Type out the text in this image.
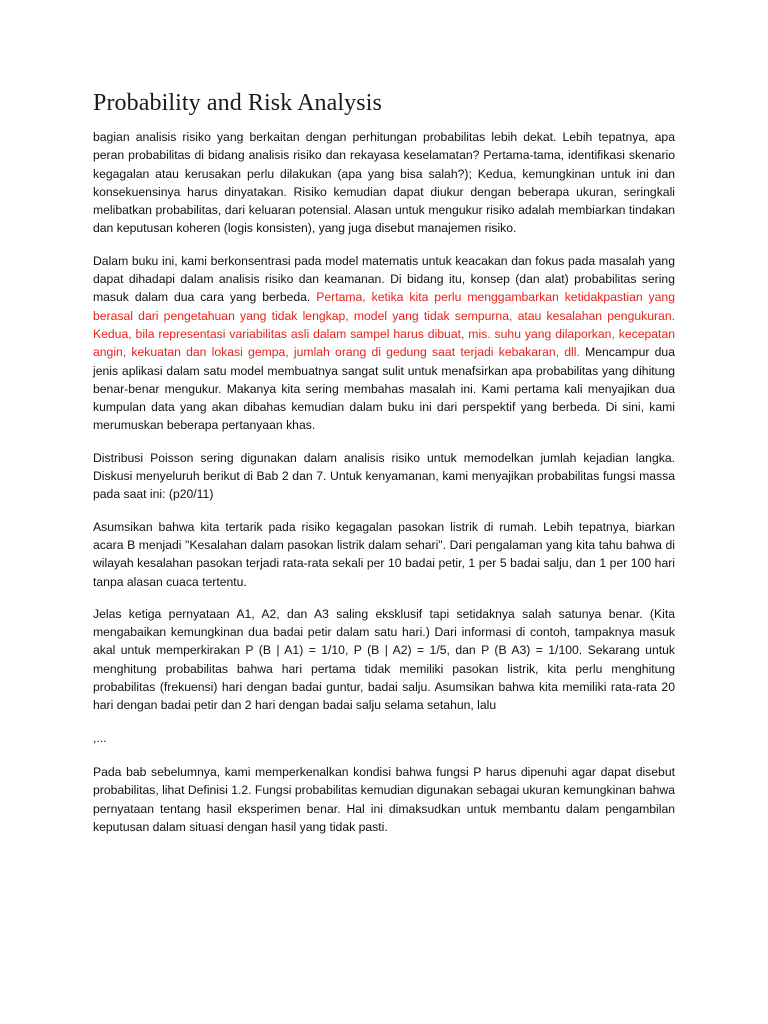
Probability and Risk Analysis

bagian analisis risiko yang berkaitan dengan perhitungan probabilitas lebih dekat. Lebih tepatnya, apa peran probabilitas di bidang analisis risiko dan rekayasa keselamatan? Pertama-tama, identifikasi skenario kegagalan atau kerusakan perlu dilakukan (apa yang bisa salah?); Kedua, kemungkinan untuk ini dan konsekuensinya harus dinyatakan. Risiko kemudian dapat diukur dengan beberapa ukuran, seringkali melibatkan probabilitas, dari keluaran potensial. Alasan untuk mengukur risiko adalah membiarkan tindakan dan keputusan koheren (logis konsisten), yang juga disebut manajemen risiko.

Dalam buku ini, kami berkonsentrasi pada model matematis untuk keacakan dan fokus pada masalah yang dapat dihadapi dalam analisis risiko dan keamanan. Di bidang itu, konsep (dan alat) probabilitas sering masuk dalam dua cara yang berbeda. Pertama, ketika kita perlu menggambarkan ketidakpastian yang berasal dari pengetahuan yang tidak lengkap, model yang tidak sempurna, atau kesalahan pengukuran. Kedua, bila representasi variabilitas asli dalam sampel harus dibuat, mis. suhu yang dilaporkan, kecepatan angin, kekuatan dan lokasi gempa, jumlah orang di gedung saat terjadi kebakaran, dll. Mencampur dua jenis aplikasi dalam satu model membuatnya sangat sulit untuk menafsirkan apa probabilitas yang dihitung benar-benar mengukur. Makanya kita sering membahas masalah ini. Kami pertama kali menyajikan dua kumpulan data yang akan dibahas kemudian dalam buku ini dari perspektif yang berbeda. Di sini, kami merumuskan beberapa pertanyaan khas.

Distribusi Poisson sering digunakan dalam analisis risiko untuk memodelkan jumlah kejadian langka. Diskusi menyeluruh berikut di Bab 2 dan 7. Untuk kenyamanan, kami menyajikan probabilitas fungsi massa pada saat ini: (p20/11)

Asumsikan bahwa kita tertarik pada risiko kegagalan pasokan listrik di rumah. Lebih tepatnya, biarkan acara B menjadi "Kesalahan dalam pasokan listrik dalam sehari". Dari pengalaman yang kita tahu bahwa di wilayah kesalahan pasokan terjadi rata-rata sekali per 10 badai petir, 1 per 5 badai salju, dan 1 per 100 hari tanpa alasan cuaca tertentu.

Jelas ketiga pernyataan A1, A2, dan A3 saling eksklusif tapi setidaknya salah satunya benar. (Kita mengabaikan kemungkinan dua badai petir dalam satu hari.) Dari informasi di contoh, tampaknya masuk akal untuk memperkirakan P (B | A1) = 1/10, P (B | A2) = 1/5, dan P (B A3) = 1/100. Sekarang untuk menghitung probabilitas bahwa hari pertama tidak memiliki pasokan listrik, kita perlu menghitung probabilitas (frekuensi) hari dengan badai guntur, badai salju. Asumsikan bahwa kita memiliki rata-rata 20 hari dengan badai petir dan 2 hari dengan badai salju selama setahun, lalu

,...

Pada bab sebelumnya, kami memperkenalkan kondisi bahwa fungsi P harus dipenuhi agar dapat disebut probabilitas, lihat Definisi 1.2. Fungsi probabilitas kemudian digunakan sebagai ukuran kemungkinan bahwa pernyataan tentang hasil eksperimen benar. Hal ini dimaksudkan untuk membantu dalam pengambilan keputusan dalam situasi dengan hasil yang tidak pasti.
